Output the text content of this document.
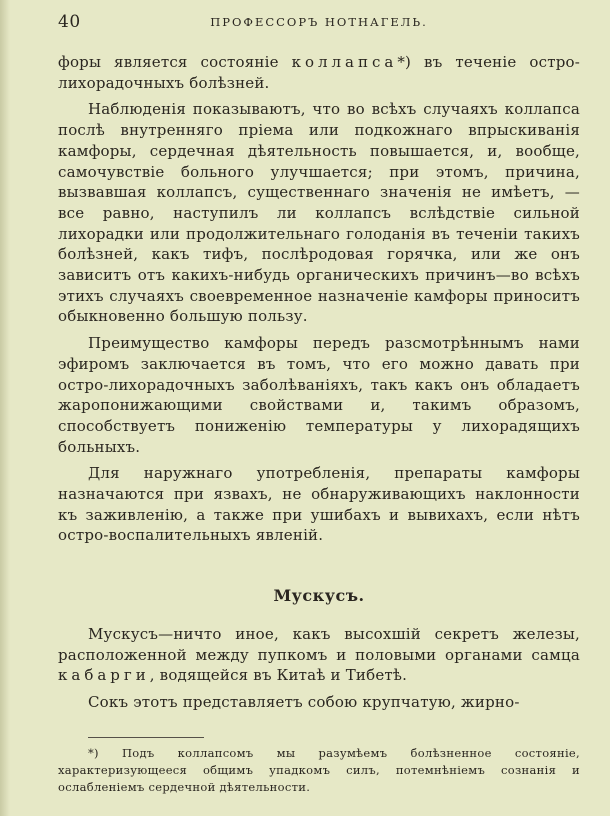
40	ПРОФЕССОРЪ НОТНАГЕЛЬ.

форы является состоянiе коллапса*) въ теченiе остро-лихорадочныхъ болѣзней.

Наблюденiя показываютъ, что во всѣхъ случаяхъ коллапса послѣ внутренняго прiема или подкожнаго впрыскиванiя камфоры, сердечная дѣятельность повышается, и, вообще, самочувствiе больного улучшается; при этомъ, причина, вызвавшая коллапсъ, существеннаго значенiя не имѣетъ, — все равно, наступилъ ли коллапсъ вслѣдствiе сильной лихорадки или продолжительнаго голоданiя въ теченiи такихъ болѣзней, какъ тифъ, послѣродовая горячка, или же онъ зависитъ отъ какихъ-нибудь органическихъ причинъ—во всѣхъ этихъ случаяхъ своевременное назначенiе камфоры приноситъ обыкновенно большую пользу.

Преимущество камфоры передъ разсмотрѣннымъ нами эфиромъ заключается въ томъ, что его можно давать при остро-лихорадочныхъ заболѣванiяхъ, такъ какъ онъ обладаетъ жаропонижающими свойствами и, такимъ образомъ, способствуетъ пониженiю температуры у лихорадящихъ больныхъ.

Для наружнаго употребленiя, препараты камфоры назначаются при язвахъ, не обнаруживающихъ наклонности къ заживленiю, а также при ушибахъ и вывихахъ, если нѣтъ остро-воспалительныхъ явленiй.

Мускусъ.

Мускусъ—ничто иное, какъ высохшiй секретъ железы, расположенной между пупкомъ и половыми органами самца кабарги, водящейся въ Китаѣ и Тибетѣ.

Сокъ этотъ представляетъ собою крупчатую, жирно-

*) Подъ коллапсомъ мы разумѣемъ болѣзненное состоянiе, характеризующееся общимъ упадкомъ силъ, потемнѣнiемъ сознанiя и ослабленiемъ сердечной дѣятельности.
